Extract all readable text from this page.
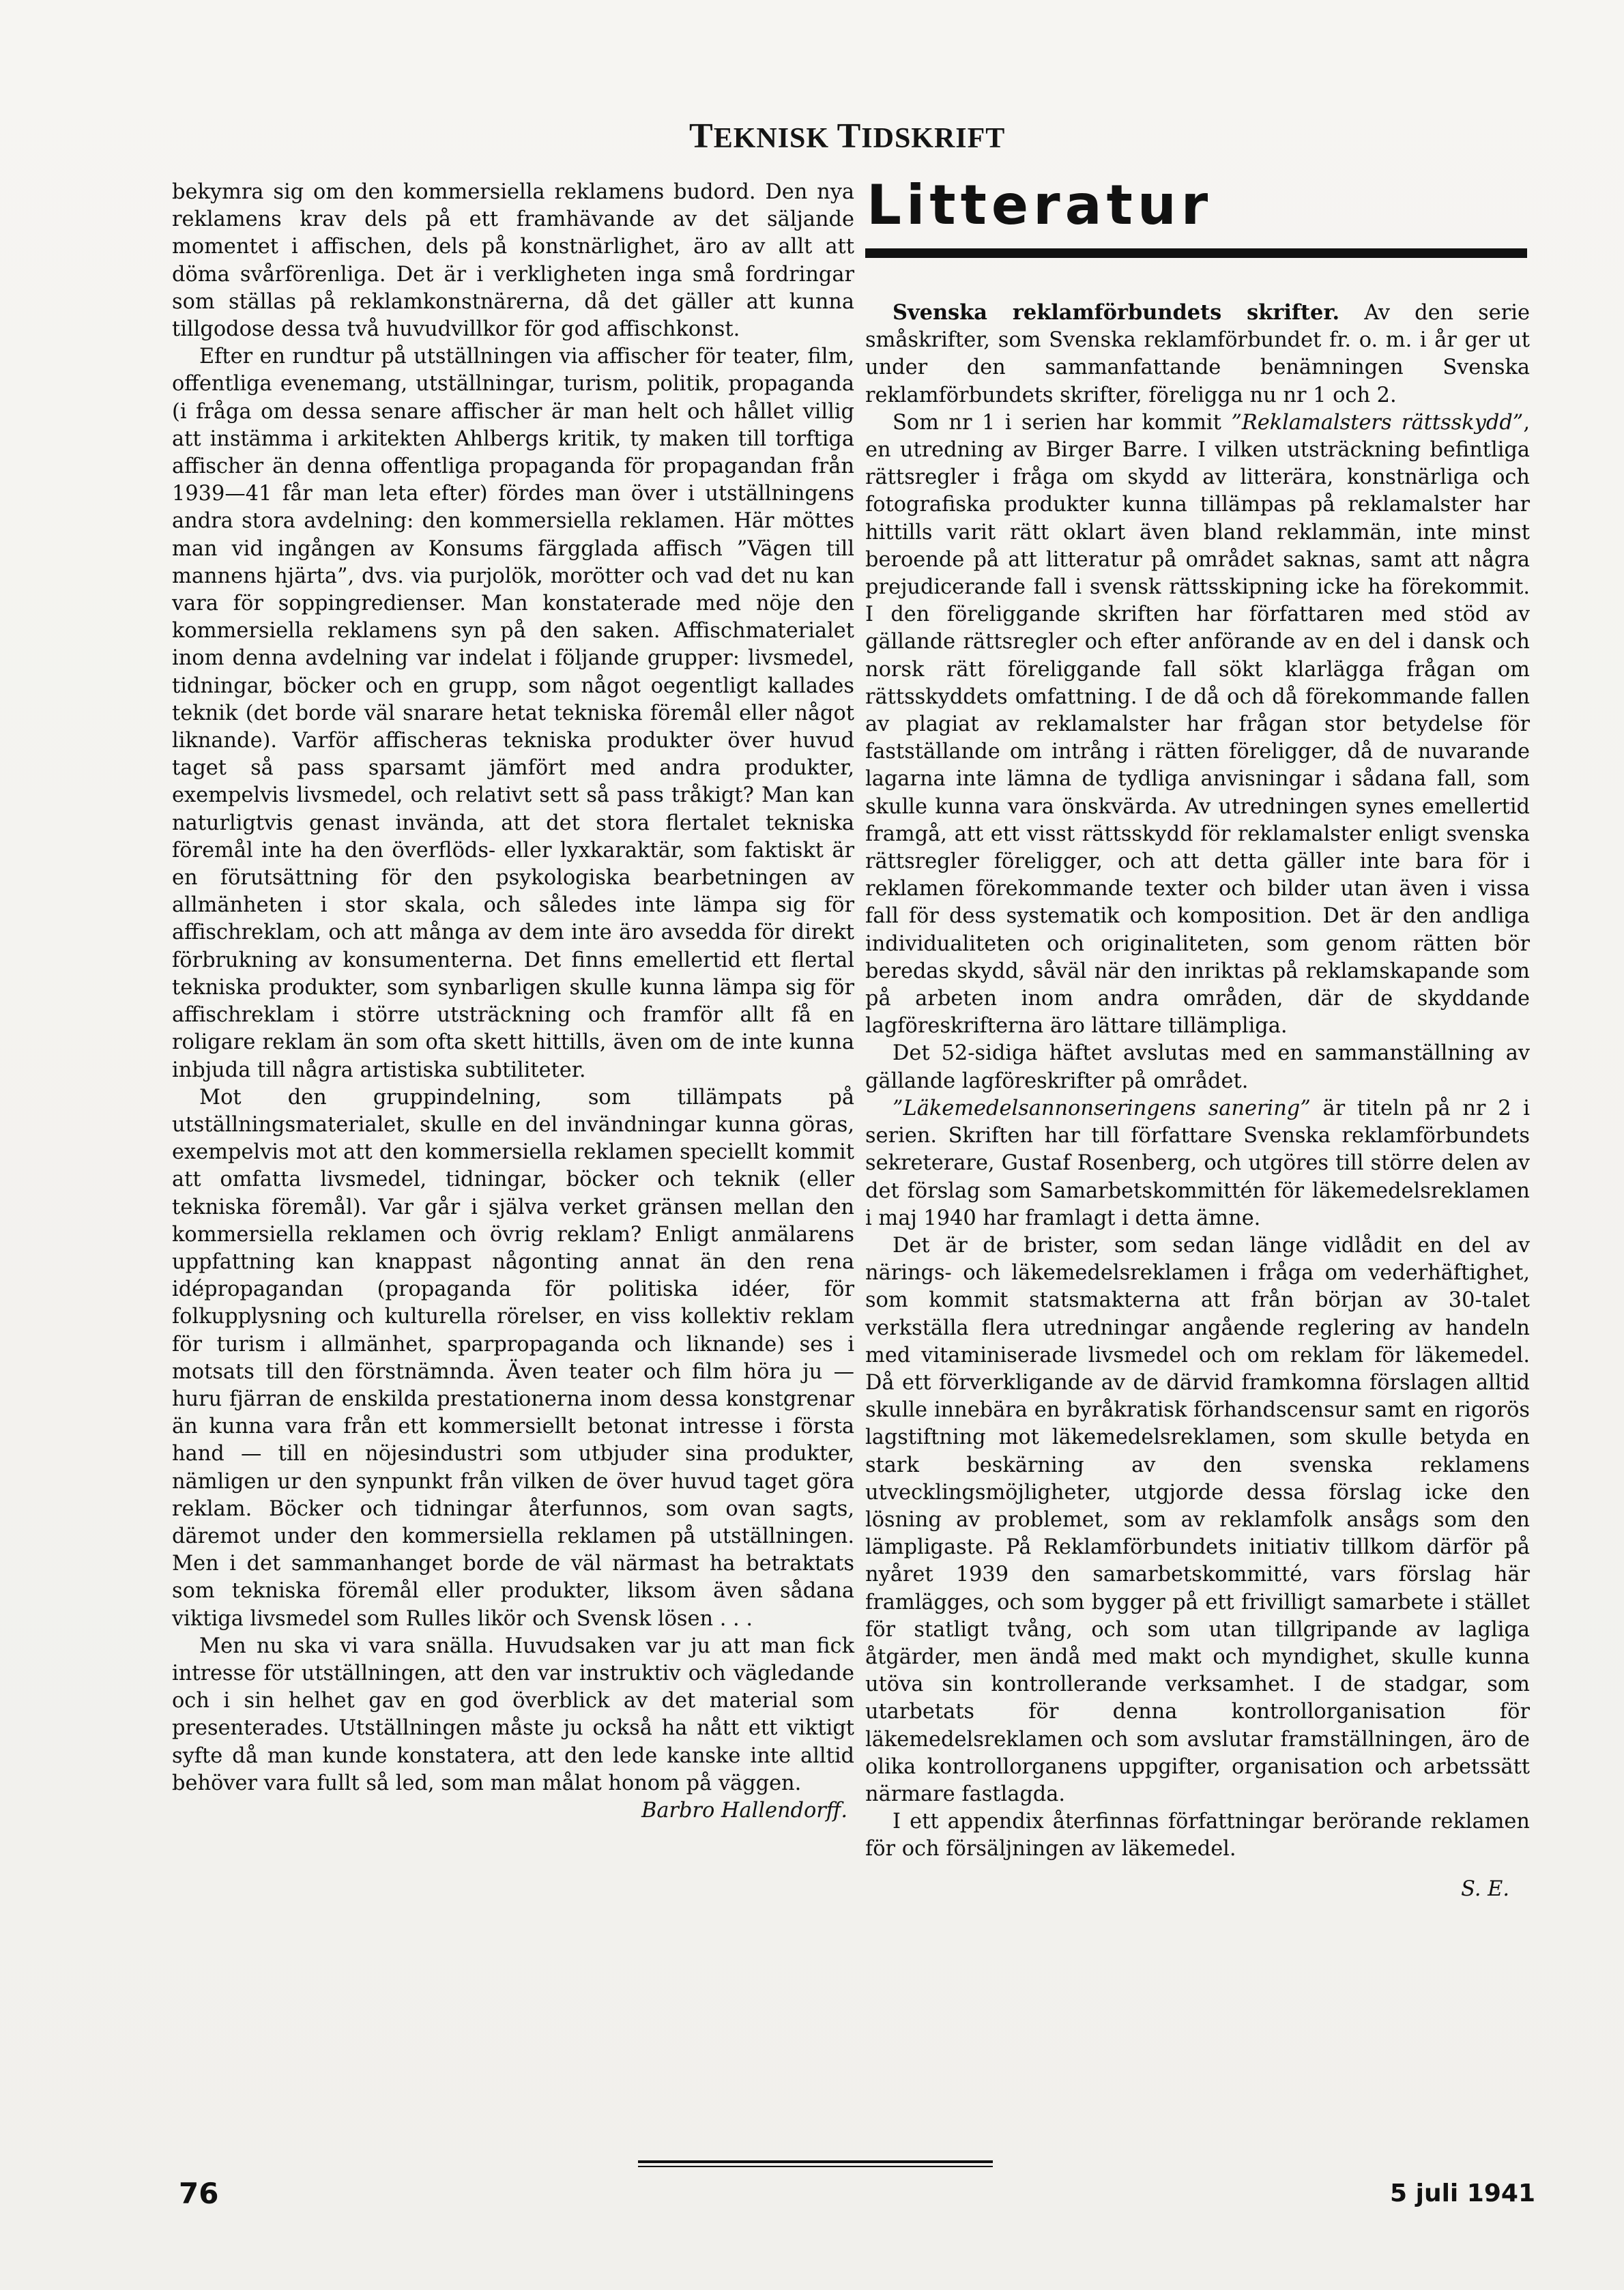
TEKNISK TIDSKRIFT

bekymra sig om den kommersiella reklamens budord. Den nya reklamens krav dels på ett framhävande av det säljande momentet i affischen, dels på konstnärlighet, äro av allt att döma svårförenliga. Det är i verkligheten inga små fordringar som ställas på reklamkonstnärerna, då det gäller att kunna tillgodose dessa två huvudvillkor för god affischkonst.

Efter en rundtur på utställningen via affischer för teater, film, offentliga evenemang, utställningar, turism, politik, propaganda (i fråga om dessa senare affischer är man helt och hållet villig att instämma i arkitekten Ahlbergs kritik, ty maken till torftiga affischer än denna offentliga propaganda för propagandan från 1939—41 får man leta efter) fördes man över i utställningens andra stora avdelning: den kommersiella reklamen. Här möttes man vid ingången av Konsums färgglada affisch ”Vägen till mannens hjärta”, dvs. via purjolök, morötter och vad det nu kan vara för soppingredienser. Man konstaterade med nöje den kommersiella reklamens syn på den saken. Affischmaterialet inom denna avdelning var indelat i följande grupper: livsmedel, tidningar, böcker och en grupp, som något oegentligt kallades teknik (det borde väl snarare hetat tekniska föremål eller något liknande). Varför affischeras tekniska produkter över huvud taget så pass sparsamt jämfört med andra produkter, exempelvis livsmedel, och relativt sett så pass tråkigt? Man kan naturligtvis genast invända, att det stora flertalet tekniska föremål inte ha den överflöds- eller lyxkaraktär, som faktiskt är en förutsättning för den psykologiska bearbetningen av allmänheten i stor skala, och således inte lämpa sig för affischreklam, och att många av dem inte äro avsedda för direkt förbrukning av konsumenterna. Det finns emellertid ett flertal tekniska produkter, som synbarligen skulle kunna lämpa sig för affischreklam i större utsträckning och framför allt få en roligare reklam än som ofta skett hittills, även om de inte kunna inbjuda till några artistiska subtiliteter.

Mot den gruppindelning, som tillämpats på utställningsmaterialet, skulle en del invändningar kunna göras, exempelvis mot att den kommersiella reklamen speciellt kommit att omfatta livsmedel, tidningar, böcker och teknik (eller tekniska föremål). Var går i själva verket gränsen mellan den kommersiella reklamen och övrig reklam? Enligt anmälarens uppfattning kan knappast någonting annat än den rena idépropagandan (propaganda för politiska idéer, för folkupplysning och kulturella rörelser, en viss kollektiv reklam för turism i allmänhet, sparpropaganda och liknande) ses i motsats till den förstnämnda. Även teater och film höra ju — huru fjärran de enskilda prestationerna inom dessa konstgrenar än kunna vara från ett kommersiellt betonat intresse i första hand — till en nöjesindustri som utbjuder sina produkter, nämligen ur den synpunkt från vilken de över huvud taget göra reklam. Böcker och tidningar återfunnos, som ovan sagts, däremot under den kommersiella reklamen på utställningen. Men i det sammanhanget borde de väl närmast ha betraktats som tekniska föremål eller produkter, liksom även sådana viktiga livsmedel som Rulles likör och Svensk lösen . . .

Men nu ska vi vara snälla. Huvudsaken var ju att man fick intresse för utställningen, att den var instruktiv och vägledande och i sin helhet gav en god överblick av det material som presenterades. Utställningen måste ju också ha nått ett viktigt syfte då man kunde konstatera, att den lede kanske inte alltid behöver vara fullt så led, som man målat honom på väggen.

Barbro Hallendorff.

Litteratur

Svenska reklamförbundets skrifter. Av den serie småskrifter, som Svenska reklamförbundet fr. o. m. i år ger ut under den sammanfattande benämningen Svenska reklamförbundets skrifter, föreligga nu nr 1 och 2.

Som nr 1 i serien har kommit ”Reklamalsters rättsskydd”, en utredning av Birger Barre. I vilken utsträckning befintliga rättsregler i fråga om skydd av litterära, konstnärliga och fotografiska produkter kunna tillämpas på reklamalster har hittills varit rätt oklart även bland reklammän, inte minst beroende på att litteratur på området saknas, samt att några prejudicerande fall i svensk rättsskipning icke ha förekommit. I den föreliggande skriften har författaren med stöd av gällande rättsregler och efter anförande av en del i dansk och norsk rätt föreliggande fall sökt klarlägga frågan om rättsskyddets omfattning. I de då och då förekommande fallen av plagiat av reklamalster har frågan stor betydelse för fastställande om intrång i rätten föreligger, då de nuvarande lagarna inte lämna de tydliga anvisningar i sådana fall, som skulle kunna vara önskvärda. Av utredningen synes emellertid framgå, att ett visst rättsskydd för reklamalster enligt svenska rättsregler föreligger, och att detta gäller inte bara för i reklamen förekommande texter och bilder utan även i vissa fall för dess systematik och komposition. Det är den andliga individualiteten och originaliteten, som genom rätten bör beredas skydd, såväl när den inriktas på reklamskapande som på arbeten inom andra områden, där de skyddande lagföreskrifterna äro lättare tillämpliga.

Det 52-sidiga häftet avslutas med en sammanställning av gällande lagföreskrifter på området.

”Läkemedelsannonseringens sanering” är titeln på nr 2 i serien. Skriften har till författare Svenska reklamförbundets sekreterare, Gustaf Rosenberg, och utgöres till större delen av det förslag som Samarbetskommittén för läkemedelsreklamen i maj 1940 har framlagt i detta ämne.

Det är de brister, som sedan länge vidlådit en del av närings- och läkemedelsreklamen i fråga om vederhäftighet, som kommit statsmakterna att från början av 30-talet verkställa flera utredningar angående reglering av handeln med vitaminiserade livsmedel och om reklam för läkemedel. Då ett förverkligande av de därvid framkomna förslagen alltid skulle innebära en byråkratisk förhandscensur samt en rigorös lagstiftning mot läkemedelsreklamen, som skulle betyda en stark beskärning av den svenska reklamens utvecklingsmöjligheter, utgjorde dessa förslag icke den lösning av problemet, som av reklamfolk ansågs som den lämpligaste. På Reklamförbundets initiativ tillkom därför på nyåret 1939 den samarbetskommitté, vars förslag här framlägges, och som bygger på ett frivilligt samarbete i stället för statligt tvång, och som utan tillgripande av lagliga åtgärder, men ändå med makt och myndighet, skulle kunna utöva sin kontrollerande verksamhet. I de stadgar, som utarbetats för denna kontrollorganisation för läkemedelsreklamen och som avslutar framställningen, äro de olika kontrollorganens uppgifter, organisation och arbetssätt närmare fastlagda.

I ett appendix återfinnas författningar berörande reklamen för och försäljningen av läkemedel.

S. E.

76	5 juli 1941
